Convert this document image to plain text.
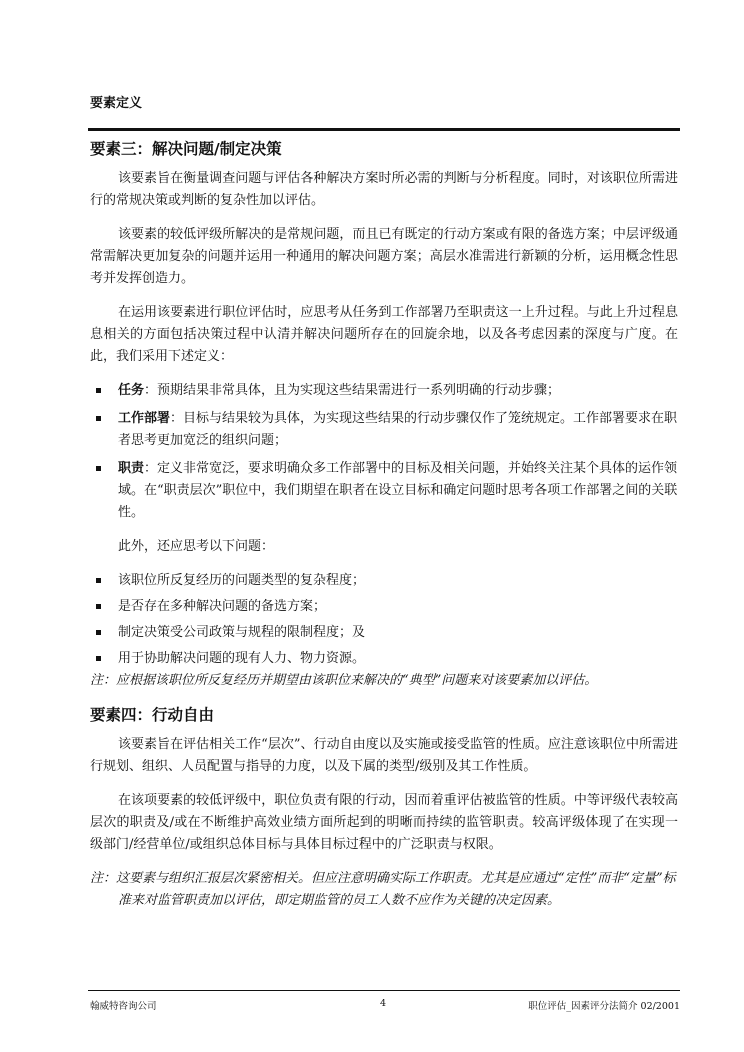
要素定义
要素三：解决问题/制定决策

该要素旨在衡量调查问题与评估各种解决方案时所必需的判断与分析程度。同时，对该职位所需进行的常规决策或判断的复杂性加以评估。

该要素的较低评级所解决的是常规问题，而且已有既定的行动方案或有限的备选方案；中层评级通常需解决更加复杂的问题并运用一种通用的解决问题方案；高层水准需进行新颖的分析，运用概念性思考并发挥创造力。

在运用该要素进行职位评估时，应思考从任务到工作部署乃至职责这一上升过程。与此上升过程息息相关的方面包括决策过程中认清并解决问题所存在的回旋余地，以及各考虑因素的深度与广度。在此，我们采用下述定义：

任务：预期结果非常具体，且为实现这些结果需进行一系列明确的行动步骤；
工作部署：目标与结果较为具体，为实现这些结果的行动步骤仅作了笼统规定。工作部署要求在职者思考更加宽泛的组织问题；
职责：定义非常宽泛，要求明确众多工作部署中的目标及相关问题，并始终关注某个具体的运作领域。在“职责层次”职位中，我们期望在职者在设立目标和确定问题时思考各项工作部署之间的关联性。

此外，还应思考以下问题：

该职位所反复经历的问题类型的复杂程度；
是否存在多种解决问题的备选方案；
制定决策受公司政策与规程的限制程度；及
用于协助解决问题的现有人力、物力资源。
注：应根据该职位所反复经历并期望由该职位来解决的“典型”问题来对该要素加以评估。
要素四：行动自由

该要素旨在评估相关工作“层次”、行动自由度以及实施或接受监管的性质。应注意该职位中所需进行规划、组织、人员配置与指导的力度，以及下属的类型/级别及其工作性质。

在该项要素的较低评级中，职位负责有限的行动，因而着重评估被监管的性质。中等评级代表较高层次的职责及/或在不断维护高效业绩方面所起到的明晰而持续的监管职责。较高评级体现了在实现一级部门/经营单位/或组织总体目标与具体目标过程中的广泛职责与权限。

注：这要素与组织汇报层次紧密相关。但应注意明确实际工作职责。尤其是应通过“定性”而非“定量”标准来对监管职责加以评估，即定期监管的员工人数不应作为关键的决定因素。
翰威特咨询公司	4	职位评估_因素评分法简介 02/2001
